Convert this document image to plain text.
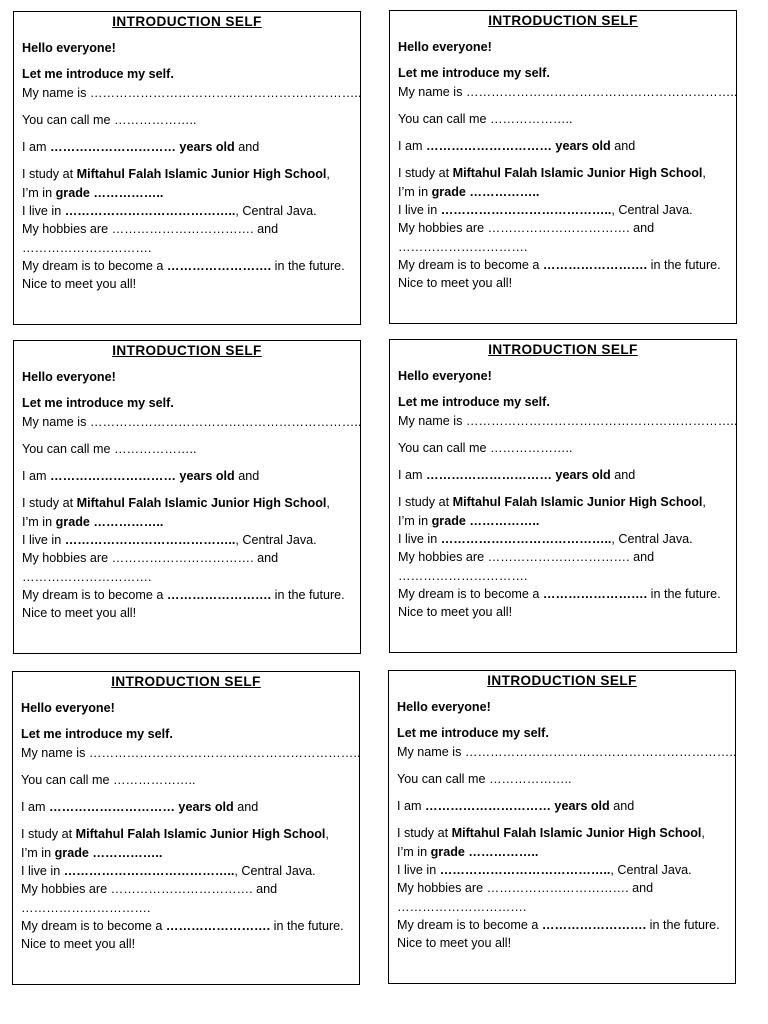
INTRODUCTION SELF
Hello everyone!
Let me introduce my self.
My name is ………………………………………………………..
You can call me ………………..
I am ………………………… years old and
I study at Miftahul Falah Islamic Junior High School,
I’m in grade ……………..
I live in ………………………………….., Central Java.
My hobbies are ……………………………. and ………………………….
My dream is to become a ……………………. in the future.
Nice to meet you all!
INTRODUCTION SELF
Hello everyone!
Let me introduce my self.
My name is ………………………………………………………..
You can call me ………………..
I am ………………………… years old and
I study at Miftahul Falah Islamic Junior High School,
I’m in grade ……………..
I live in ………………………………….., Central Java.
My hobbies are ……………………………. and ………………………….
My dream is to become a ……………………. in the future.
Nice to meet you all!
INTRODUCTION SELF
Hello everyone!
Let me introduce my self.
My name is ………………………………………………………..
You can call me ………………..
I am ………………………… years old and
I study at Miftahul Falah Islamic Junior High School,
I’m in grade ……………..
I live in ………………………………….., Central Java.
My hobbies are ……………………………. and ………………………….
My dream is to become a ……………………. in the future.
Nice to meet you all!
INTRODUCTION SELF
Hello everyone!
Let me introduce my self.
My name is ………………………………………………………..
You can call me ………………..
I am ………………………… years old and
I study at Miftahul Falah Islamic Junior High School,
I’m in grade ……………..
I live in ………………………………….., Central Java.
My hobbies are ……………………………. and ………………………….
My dream is to become a ……………………. in the future.
Nice to meet you all!
INTRODUCTION SELF
Hello everyone!
Let me introduce my self.
My name is ………………………………………………………..
You can call me ………………..
I am ………………………… years old and
I study at Miftahul Falah Islamic Junior High School,
I’m in grade ……………..
I live in ………………………………….., Central Java.
My hobbies are ……………………………. and ………………………….
My dream is to become a ……………………. in the future.
Nice to meet you all!
INTRODUCTION SELF
Hello everyone!
Let me introduce my self.
My name is ………………………………………………………..
You can call me ………………..
I am ………………………… years old and
I study at Miftahul Falah Islamic Junior High School,
I’m in grade ……………..
I live in ………………………………….., Central Java.
My hobbies are ……………………………. and ………………………….
My dream is to become a ……………………. in the future.
Nice to meet you all!
